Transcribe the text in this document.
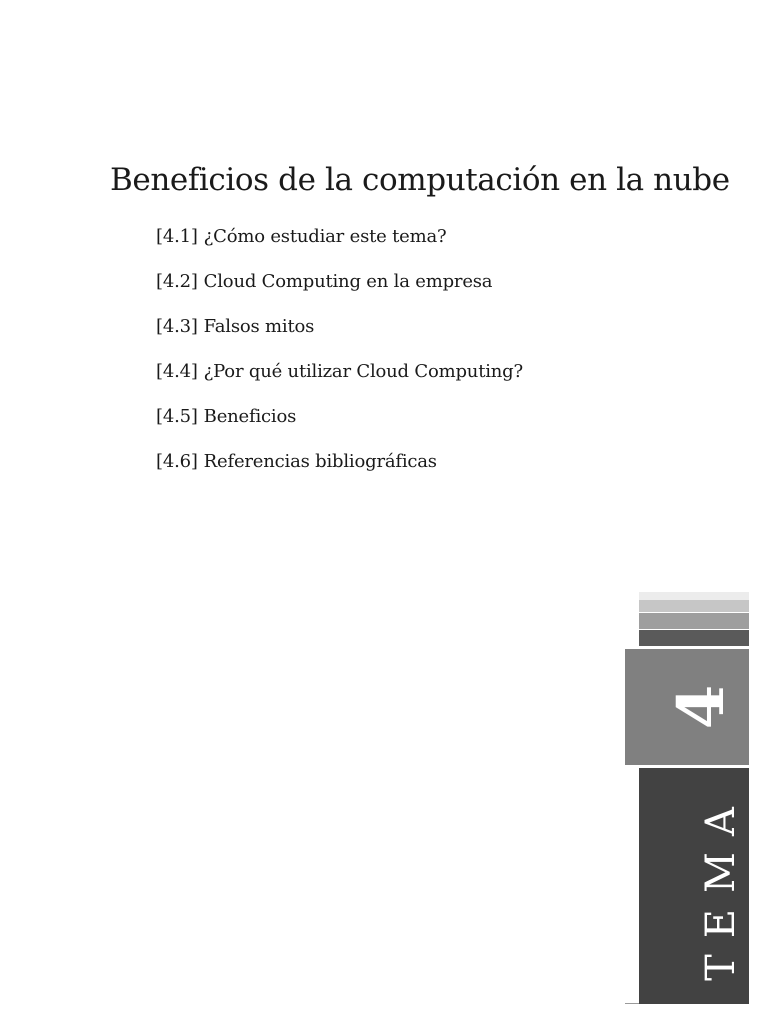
Beneficios de la computación en la nube
[4.1] ¿Cómo estudiar este tema?
[4.2] Cloud Computing en la empresa
[4.3] Falsos mitos
[4.4] ¿Por qué utilizar Cloud Computing?
[4.5] Beneficios
[4.6] Referencias bibliográficas
4
TEMA
